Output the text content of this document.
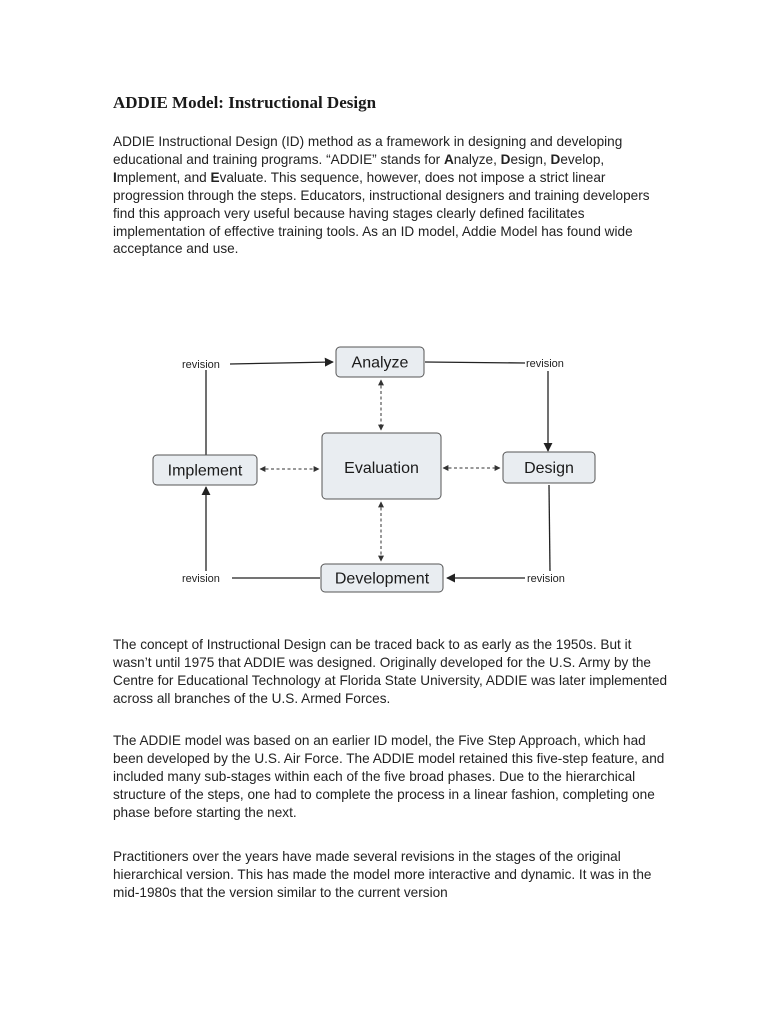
ADDIE Model: Instructional Design

ADDIE Instructional Design (ID) method as a framework in designing and developing educational and training programs. “ADDIE” stands for Analyze, Design, Develop, Implement, and Evaluate. This sequence, however, does not impose a strict linear progression through the steps. Educators, instructional designers and training developers find this approach very useful because having stages clearly defined facilitates implementation of effective training tools. As an ID model, Addie Model has found wide acceptance and use.

Analyze
Implement	Evaluation	Design
Development
revision	revision
revision	revision

The concept of Instructional Design can be traced back to as early as the 1950s. But it wasn’t until 1975 that ADDIE was designed. Originally developed for the U.S. Army by the Centre for Educational Technology at Florida State University, ADDIE was later implemented across all branches of the U.S. Armed Forces.

The ADDIE model was based on an earlier ID model, the Five Step Approach, which had been developed by the U.S. Air Force. The ADDIE model retained this five-step feature, and included many sub-stages within each of the five broad phases. Due to the hierarchical structure of the steps, one had to complete the process in a linear fashion, completing one phase before starting the next.

Practitioners over the years have made several revisions in the stages of the original hierarchical version. This has made the model more interactive and dynamic. It was in the mid-1980s that the version similar to the current version
